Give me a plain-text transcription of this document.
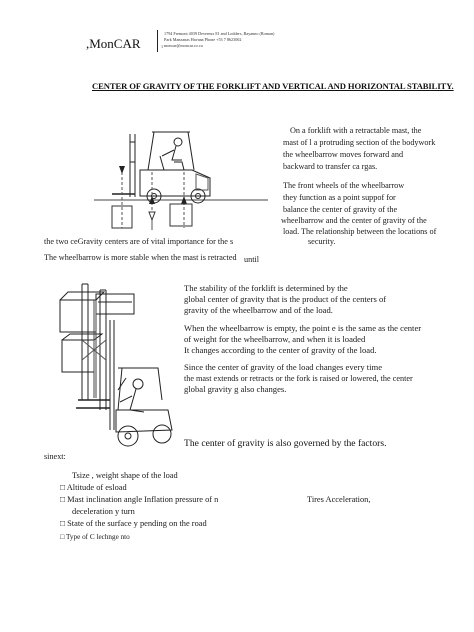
,MonCAR
1794 Fremont 4039 Devereux 81 and Lodders, Bayanno (Roman)
Park Manzanas Havana Phone +53 7 8623002
moncar@moncar.co.cu
1
CENTER OF GRAVITY OF THE FORKLIFT AND VERTICAL AND HORIZONTAL STABILITY.
On a forklift with a retractable mast, the
mast of l a protruding section of the bodywork
the wheelbarrow moves forward and
backward to transfer ca rgas.
The front wheels of the wheelbarrow
they function as a point suppof for
balance the center of gravity of the
wheelbarrow and the center of gravity of the
load. The relationship between the locations of
the two ceGravity centers are of vital importance for the s	security.
The wheelbarrow is more stable when the mast is retracted until
The stability of the forklift is determined by the
global center of gravity that is the product of the centers of
gravity of the wheelbarrow and of the load.
When the wheelbarrow is empty, the point e is the same as the center
of weight for the wheelbarrow, and when it is loaded
It changes according to the center of gravity of the load.
Since the center of gravity of the load changes every time
the mast extends or retracts or the fork is raised or lowered, the center
global gravity g also changes.
The center of gravity is also governed by the factors.
sinext:
Tsize , weight shape of the load
□ Altitude of esload
□ Mast inclination angle Inflation pressure of n	Tires Acceleration,
deceleration y turn
□ State of the surface y pending on the road
□ Type of C lechnge nto
